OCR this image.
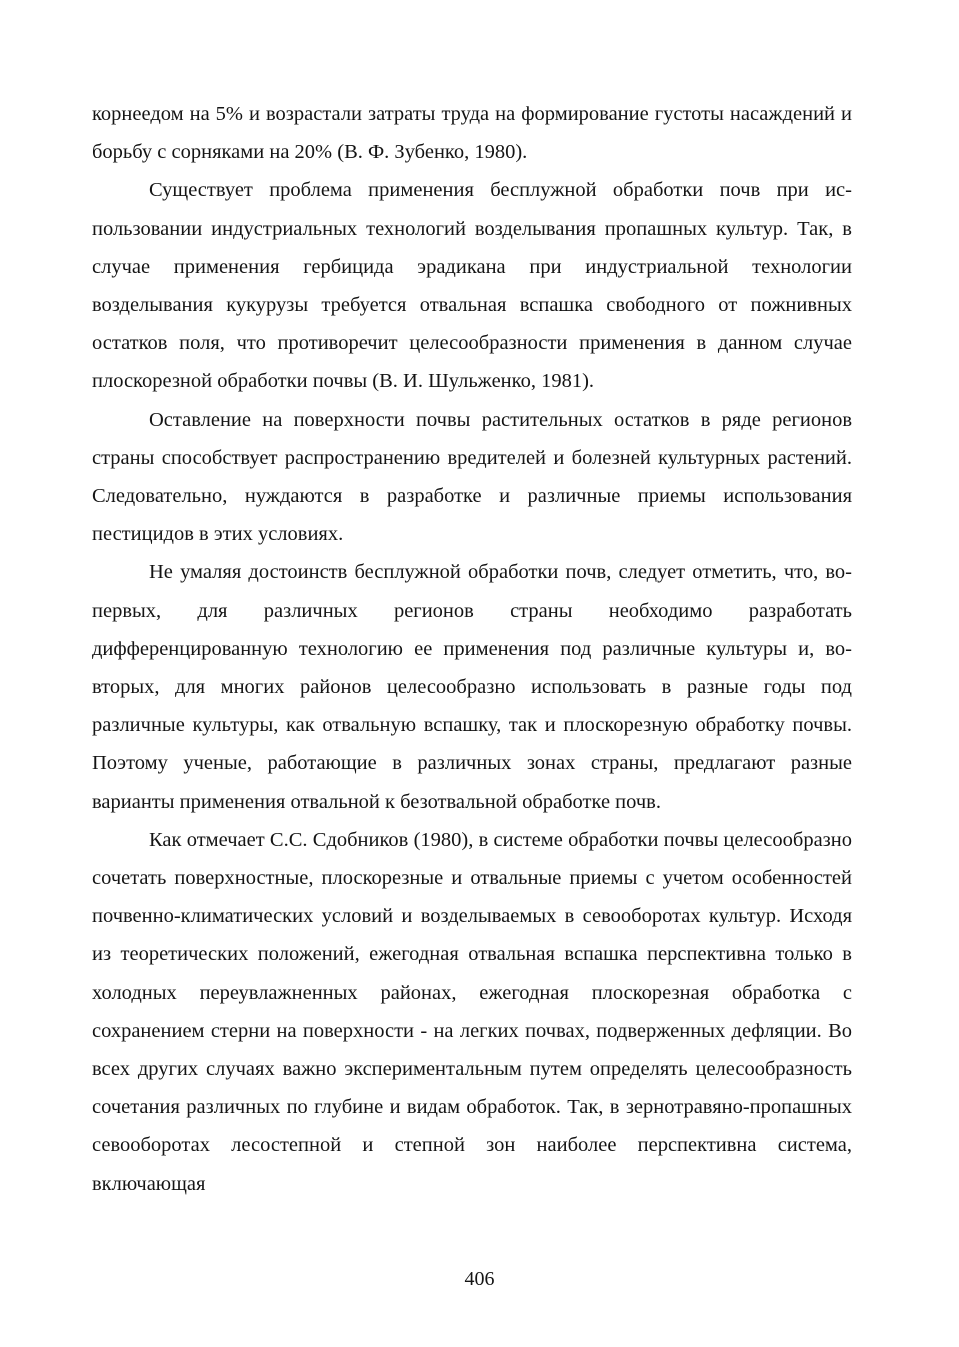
корнеедом на 5% и возрастали затраты труда на формирование густоты насаждений и борьбу с сорняками на 20% (В. Ф. Зубенко, 1980).

Существует проблема применения бесплужной обработки почв при использовании индустриальных технологий возделывания пропашных культур. Так, в случае применения гербицида эрадикана при индустриальной технологии возделывания кукурузы требуется отвальная вспашка свободного от пожнивных остатков поля, что противоречит целесообразности применения в данном случае плоскорезной обработки почвы (В. И. Шульженко, 1981).

Оставление на поверхности почвы растительных остатков в ряде регионов страны способствует распространению вредителей и болезней культурных растений. Следовательно, нуждаются в разработке и различные приемы использования пестицидов в этих условиях.

Не умаляя достоинств бесплужной обработки почв, следует отметить, что, во-первых, для различных регионов страны необходимо разработать дифференцированную технологию ее применения под различные культуры и, во-вторых, для многих районов целесообразно использовать в разные годы под различные культуры, как отвальную вспашку, так и плоскорезную обработку почвы. Поэтому ученые, работающие в различных зонах страны, предлагают разные варианты применения отвальной к безотвальной обработке почв.

Как отмечает С.С. Сдобников (1980), в системе обработки почвы целесообразно сочетать поверхностные, плоскорезные и отвальные приемы с учетом особенностей почвенно-климатических условий и возделываемых в севооборотах культур. Исходя из теоретических положений, ежегодная отвальная вспашка перспективна только в холодных переувлажненных районах, ежегодная плоскорезная обработка с сохранением стерни на поверхности - на легких почвах, подверженных дефляции. Во всех других случаях важно экспериментальным путем определять целесообразность сочетания различных по глубине и видам обработок. Так, в зернотравяно-пропашных севооборотах лесостепной и степной зон наиболее перспективна система, включающая

406
